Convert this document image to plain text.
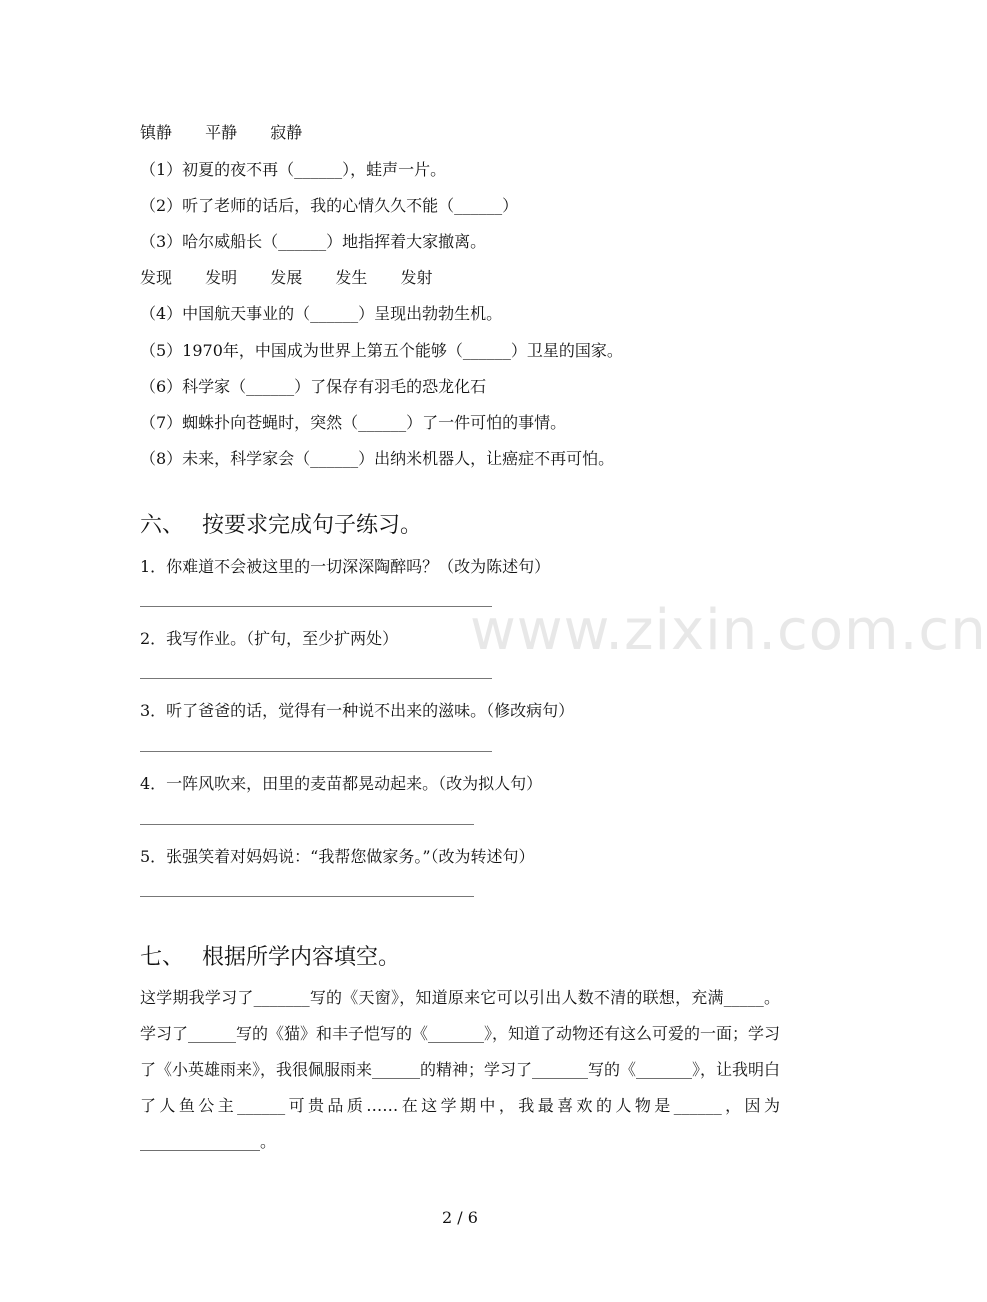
镇静 平静 寂静
（1）初夏的夜不再（______），蛙声一片。
（2）听了老师的话后，我的心情久久不能（______）
（3）哈尔威船长（______）地指挥着大家撤离。
发现 发明 发展 发生 发射
（4）中国航天事业的（______）呈现出勃勃生机。
（5）1970年，中国成为世界上第五个能够（______）卫星的国家。
（6）科学家（______）了保存有羽毛的恐龙化石
（7）蜘蛛扑向苍蝇时，突然（______）了一件可怕的事情。
（8）未来，科学家会（______）出纳米机器人，让癌症不再可怕。
六、 按要求完成句子练习。
1．你难道不会被这里的一切深深陶醉吗？（改为陈述句）
2．我写作业。（扩句，至少扩两处）
3．听了爸爸的话，觉得有一种说不出来的滋味。（修改病句）
4．一阵风吹来，田里的麦苗都晃动起来。（改为拟人句）
5．张强笑着对妈妈说：“我帮您做家务。”（改为转述句）
七、 根据所学内容填空。
这学期我学习了_______写的《天窗》，知道原来它可以引出人数不清的联想，充满_____。学习了______写的《猫》和丰子恺写的《_______》，知道了动物还有这么可爱的一面；学习了《小英雄雨来》，我很佩服雨来______的精神；学习了_______写的《_______》，让我明白了人鱼公主______可贵品质……在这学期中，我最喜欢的人物是______，因为_______________。
www.zixin.com.cn
2 / 6
